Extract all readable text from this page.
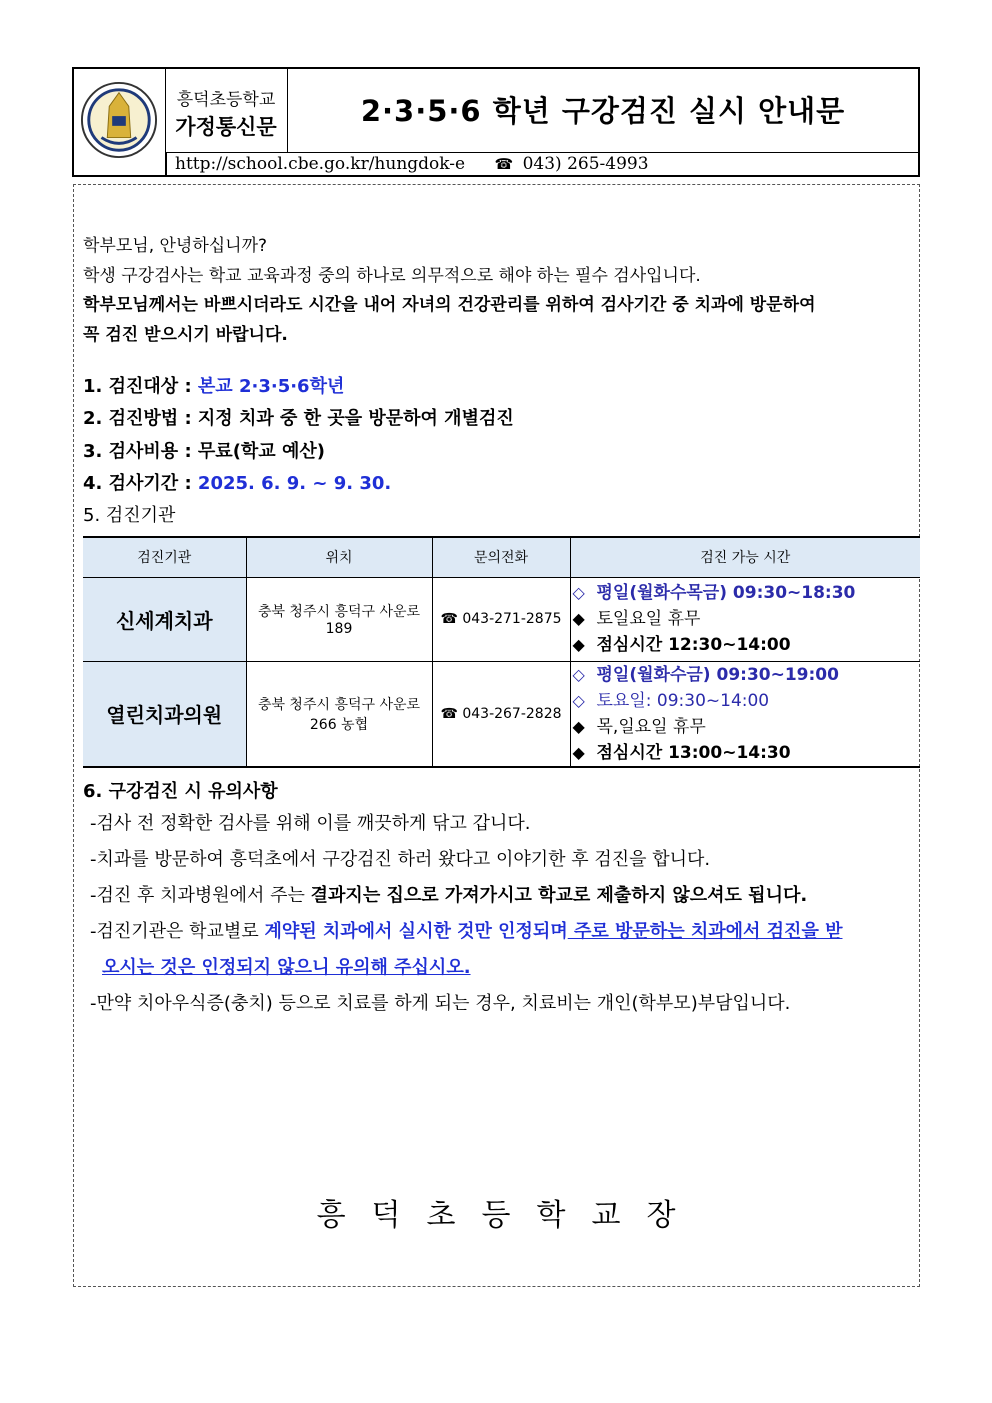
흥덕초등학교
가정통신문	2·3·5·6 학년 구강검진 실시 안내문
http://school.cbe.go.kr/hungdok-e ☎ 043) 265-4993
학부모님, 안녕하십니까?
학생 구강검사는 학교 교육과정 중의 하나로 의무적으로 해야 하는 필수 검사입니다.
학부모님께서는 바쁘시더라도 시간을 내어 자녀의 건강관리를 위하여 검사기간 중 치과에 방문하여
꼭 검진 받으시기 바랍니다.
1. 검진대상 : 본교 2·3·5·6학년
2. 검진방법 : 지정 치과 중 한 곳을 방문하여 개별검진
3. 검사비용 : 무료(학교 예산)
4. 검사기간 : 2025. 6. 9. ~ 9. 30.
5. 검진기관
검진기관	위치	문의전화	검진 가능 시간
신세계치과	충북 청주시 흥덕구 사운로 189	☎ 043-271-2875	◇ 평일(월화수목금) 09:30~18:30
◆ 토일요일 휴무
◆ 점심시간 12:30~14:00

열린치과의원	충북 청주시 흥덕구 사운로 266 농협	☎ 043-267-2828	◇ 평일(월화수금) 09:30~19:00
◇ 토요일: 09:30~14:00
◆ 목,일요일 휴무
◆ 점심시간 13:00~14:30
6. 구강검진 시 유의사항
-검사 전 정확한 검사를 위해 이를 깨끗하게 닦고 갑니다.
-치과를 방문하여 흥덕초에서 구강검진 하러 왔다고 이야기한 후 검진을 합니다.
-검진 후 치과병원에서 주는 결과지는 집으로 가져가시고 학교로 제출하지 않으셔도 됩니다.
-검진기관은 학교별로 계약된 치과에서 실시한 것만 인정되며 주로 방문하는 치과에서 검진을 받
오시는 것은 인정되지 않으니 유의해 주십시오.
-만약 치아우식증(충치) 등으로 치료를 하게 되는 경우, 치료비는 개인(학부모)부담입니다.
흥덕초등학교장
